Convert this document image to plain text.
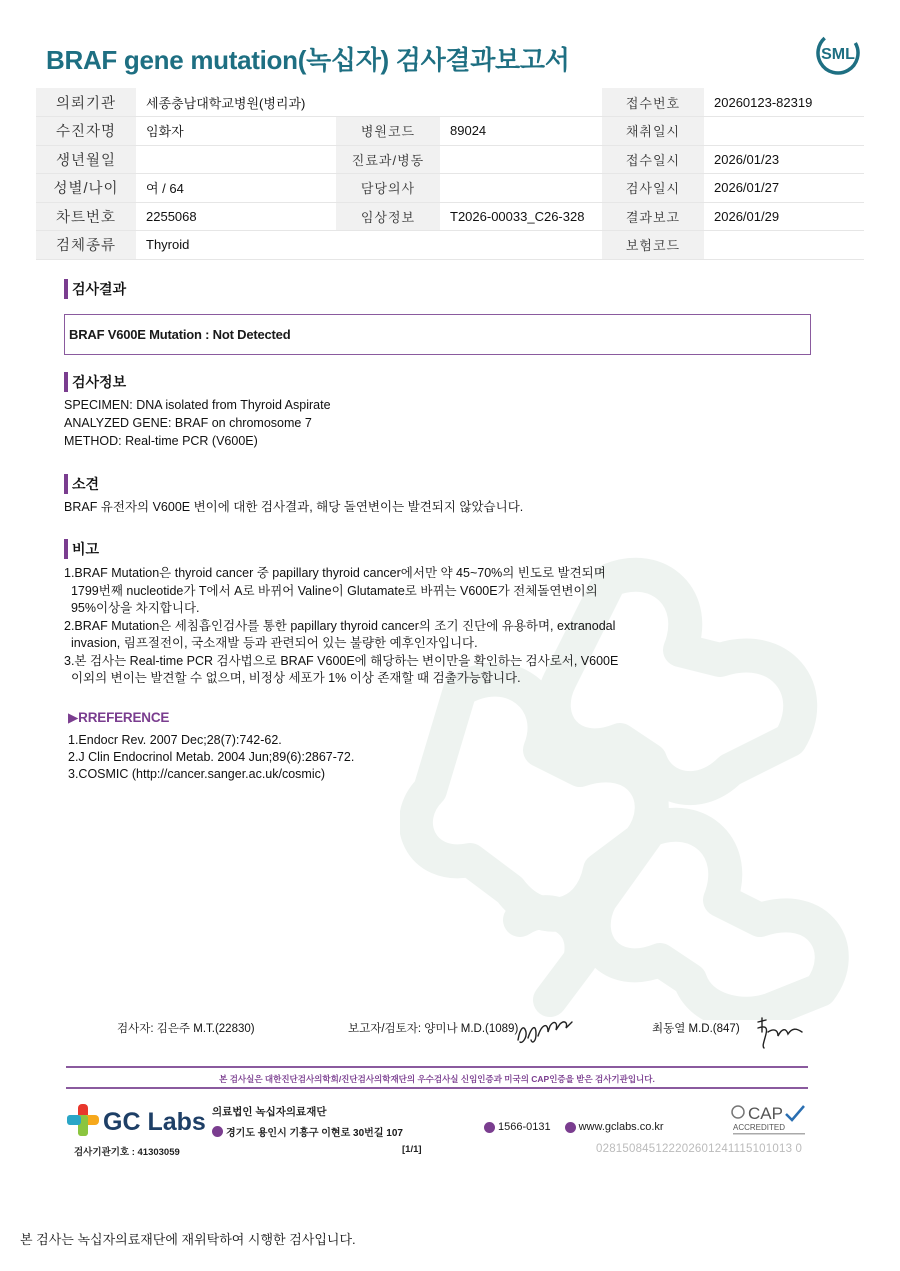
BRAF gene mutation(녹십자) 검사결과보고서	SML
의뢰기관	세종충남대학교병원(병리과)			접수번호	20260123-82319
수진자명	임화자	병원코드	89024	채취일시	
생년월일		진료과/병동		접수일시	2026/01/23
성별/나이	여 / 64	담당의사		검사일시	2026/01/27
차트번호	2255068	임상정보	T2026-00033_C26-328	결과보고	2026/01/29
검체종류	Thyroid			보험코드	
검사결과
BRAF V600E Mutation : Not Detected
검사정보
SPECIMEN: DNA isolated from Thyroid Aspirate
ANALYZED GENE: BRAF on chromosome 7
METHOD: Real-time PCR (V600E)
소견
BRAF 유전자의 V600E 변이에 대한 검사결과, 해당 돌연변이는 발견되지 않았습니다.
비고
1.BRAF Mutation은 thyroid cancer 중 papillary thyroid cancer에서만 약 45~70%의 빈도로 발견되며
1799번째 nucleotide가 T에서 A로 바뀌어 Valine이 Glutamate로 바뀌는 V600E가 전체돌연변이의
95%이상을 차지합니다.
2.BRAF Mutation은 세침흡인검사를 통한 papillary thyroid cancer의 조기 진단에 유용하며, extranodal
invasion, 림프절전이, 국소재발 등과 관련되어 있는 불량한 예후인자입니다.
3.본 검사는 Real-time PCR 검사법으로 BRAF V600E에 해당하는 변이만을 확인하는 검사로서, V600E
이외의 변이는 발견할 수 없으며, 비정상 세포가 1% 이상 존재할 때 검출가능합니다.
▶RREFERENCE
1.Endocr Rev. 2007 Dec;28(7):742-62.
2.J Clin Endocrinol Metab. 2004 Jun;89(6):2867-72.
3.COSMIC (http://cancer.sanger.ac.uk/cosmic)
검사자: 김은주 M.T.(22830)	보고자/검토자: 양미나 M.D.(1089)	최동열 M.D.(847)
본 검사실은 대한진단검사의학회/진단검사의학재단의 우수검사실 신임인증과 미국의 CAP인증을 받은 검사기관입니다.
GC Labs 의료법인 녹십자의료재단
경기도 용인시 기흥구 이현로 30번길 107
1566-0131	www.gclabs.co.kr
CAP
ACCREDITED
검사기관기호 : 41303059	[1/1]	028150845122202601241115101013 0
본 검사는 녹십자의료재단에 재위탁하여 시행한 검사입니다.
